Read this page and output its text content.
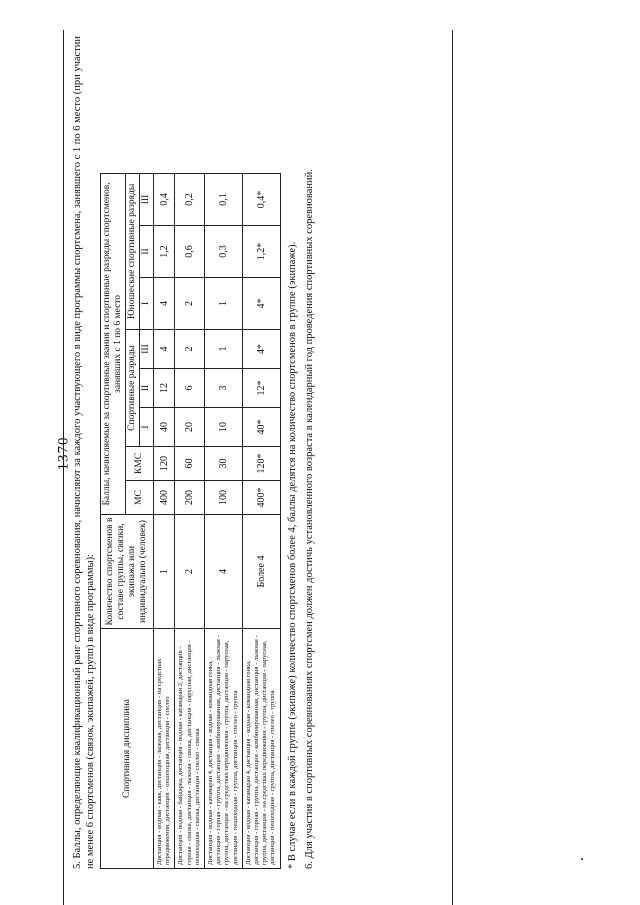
1370 5. Баллы, определяющие квалификационный ранг спортивного соревнования, начисляют за каждого участвующего в виде программы спортсмена, занявшего с 1 по 6 место (при участии не менее 6 спортсменов (связок, экипажей, групп) в виде программы):	Спортивная дисциплина	Количество спортсменов в составе группы, связки, экипажа или индивидуально (человек)	Баллы, начисляемые за спортивные звания и спортивные разряды спортсменов, занявших с 1 по 6 место							
		МС	КМС	Спортивные разряды			Юношеские спортивные разряды		
				I	II	III	I	II	III
Дистанция - водная - каяк, дистанция - лыжная, дистанция - на средствах передвижения, дистанция - пешеходная, дистанция - спелео	1	400	120	40	12	4	4	1,2	0,4
Дистанция - водная - байдарка, дистанция - водная - катамаран 2, дистанция - горная - связка, дистанция - лыжная - связка, дистанция - парусная, дистанция - пешеходная - связка, дистанция - спелео - связка	2	200	60	20	6	2	2	0,6	0,2
Дистанция - водная - катамаран 4, дистанция - водная - командная гонка, дистанция - горная - группа, дистанция - комбинированная, дистанция - лыжная - группа, дистанция - на средствах передвижения - группа, дистанция - парусная, дистанция - пешеходная - группа, дистанция - спелео - группа	4	100	30	10	3	1	1	0,3	0,1
Дистанция - водная - катамаран 4, дистанция - водная - командная гонка, дистанция - горная - группа, дистанция - комбинированная, дистанция - лыжная - группа, дистанция - на средствах передвижения - группа, дистанция - парусная, дистанция - пешеходная - группа, дистанция - спелео - группа	Более 4	400*	120*	40*	12*	4*	4*	1,2*	0,4*

* В случае если в каждой группе (экипаже) количество спортсменов более 4, баллы делятся на количество спортсменов в группе (экипаже). 6. Для участия в спортивных соревнованиях спортсмен должен достичь установленного возраста в календарный год проведения спортивных соревнований.
